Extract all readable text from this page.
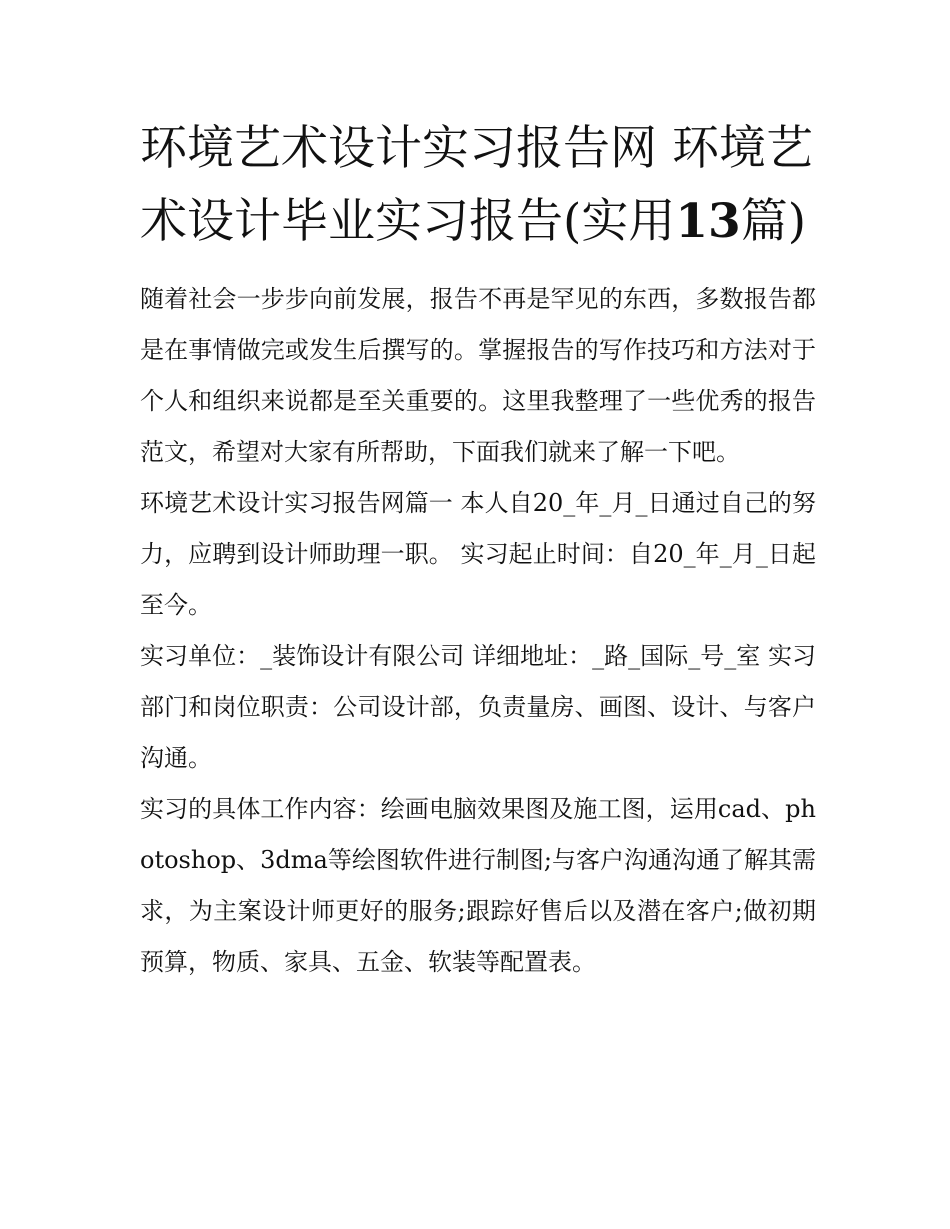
环境艺术设计实习报告网 环境艺术设计毕业实习报告(实用13篇)

随着社会一步步向前发展，报告不再是罕见的东西，多数报告都是在事情做完或发生后撰写的。掌握报告的写作技巧和方法对于个人和组织来说都是至关重要的。这里我整理了一些优秀的报告范文，希望对大家有所帮助，下面我们就来了解一下吧。

环境艺术设计实习报告网篇一 本人自20_年_月_日通过自己的努力，应聘到设计师助理一职。 实习起止时间：自20_年_月_日起至今。

实习单位：_装饰设计有限公司 详细地址：_路_国际_号_室 实习部门和岗位职责：公司设计部，负责量房、画图、设计、与客户沟通。

实习的具体工作内容：绘画电脑效果图及施工图，运用cad、photoshop、3dma等绘图软件进行制图;与客户沟通沟通了解其需求，为主案设计师更好的服务;跟踪好售后以及潜在客户;做初期预算，物质、家具、五金、软装等配置表。
